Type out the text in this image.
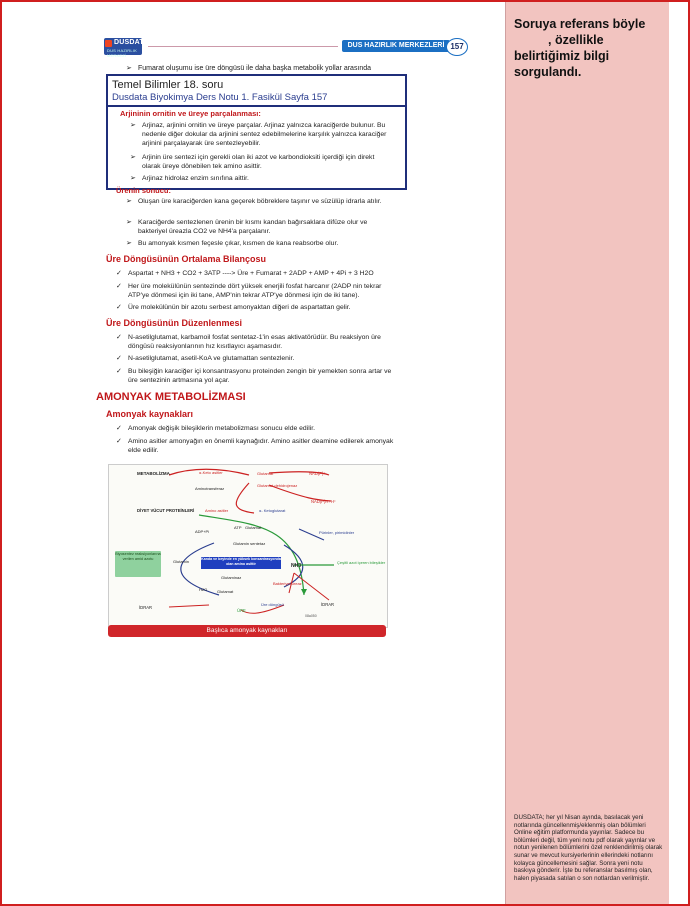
DUSDATA
DUS HAZIRLIK MERKEZİ
DUS HAZIRLIK MERKEZLERİ 157
➢ Fumarat oluşumu ise üre döngüsü ile daha başka metabolik yollar arasında
Temel Bilimler 18. soru
Dusdata Biyokimya Ders Notu 1. Fasikül Sayfa 157
Arjininin ornitin ve üreye parçalanması:
➢ Arjinaz, arjinini ornitin ve üreye parçalar. Arjinaz yalnızca karaciğerde bulunur. Bu nedenle diğer dokular da arjinini sentez edebilmelerine karşılık yalnızca karaciğer arjinini parçalayarak üre sentezleyebilir.
➢ Arjinin üre sentezi için gerekli olan iki azot ve karbondioksiti içerdiği için direkt olarak üreye dönebilen tek amino asittir.
➢ Arjinaz hidrolaz enzim sınıfına aittir.
Ürenin sonucu:
➢ Oluşan üre karaciğerden kana geçerek böbreklere taşınır ve süzülüp idrarla atılır.
➢ Karaciğerde sentezlenen ürenin bir kısmı kandan bağırsaklara difüze olur ve bakteriyel üreazla CO2 ve NH4'a parçalanır.
➢ Bu amonyak kısmen feçesle çıkar, kısmen de kana reabsorbe olur.
Üre Döngüsünün Ortalama Bilançosu
✓ Aspartat + NH3 + CO2 + 3ATP ----> Üre + Fumarat + 2ADP + AMP + 4Pi + 3 H2O
✓ Her üre molekülünün sentezinde dört yüksek enerjili fosfat harcanır (2ADP nin tekrar ATP'ye dönmesi için iki tane, AMP'nin tekrar ATP'ye dönmesi için de iki tane).
✓ Üre molekülünün bir azotu serbest amonyaktan diğeri de aspartattan gelir.
Üre Döngüsünün Düzenlenmesi
✓ N-asetilglutamat, karbamoil fosfat sentetaz-1'in esas aktivatörüdür. Bu reaksiyon üre döngüsü reaksiyonlarının hız kısıtlayıcı aşamasıdır.
✓ N-asetilglutamat, asetil-KoA ve glutamattan sentezlenir.
✓ Bu bileşiğin karaciğer içi konsantrasyonu proteinden zengin bir yemekten sonra artar ve üre sentezinin artmasına yol açar.
AMONYAK METABOLİZMASI
Amonyak kaynakları
✓ Amonyak değişik bileşiklerin metabolizması sonucu elde edilir.
✓ Amino asitler amonyağın en önemli kaynağıdır. Amino asitler deamine edilerek amonyak elde edilir.
METABOLİZMA	α-Keto asitler
Aminotransferaz
Glutamat
Glutamat dehidrojenaz
NAD(P)⁺
NAD(P)H+H⁺
DİYET VÜCUT PROTEİNLERİ	Amino asitler	α- Ketoglutarat
Pürinler, pirimidinler
ADP+Pi
ATP Glutamat
Glutamin sentetaz
Kanda ve beyinde en yüksek konsantrasyonda olan amino asittir
Glutamin
Biyosentez reaksiyonlarına verilen amid azotu
Glutaminaz
NH3
Çeşitli azot içeren bileşikler
H2O Glutamat
Bakteriyel üreaz
İDRAR
ÜRE
Üre döngüsü	İDRAR
08a050
Başlıca amonyak kaynakları
Soruya referans böyle
, özellikle belirtiğimiz bilgi sorgulandı.
DUSDATA; her yıl Nisan ayında, basılacak yeni notlarında güncellenmiş/eklenmiş olan bölümleri Online eğitim platformunda yayınlar. Sadece bu bölümleri değil, tüm yeni notu pdf olarak yayınlar ve notun yenilenen bölümlerini özel renklendirilmiş olarak sunar ve mevcut kursiyerlerinin ellerindeki notlarını kolayca güncellemesini sağlar. Sonra yeni notu baskıya gönderir. İşte bu referanslar basılmış olan, halen piyasada satılan o son notlardan verilmiştir.
